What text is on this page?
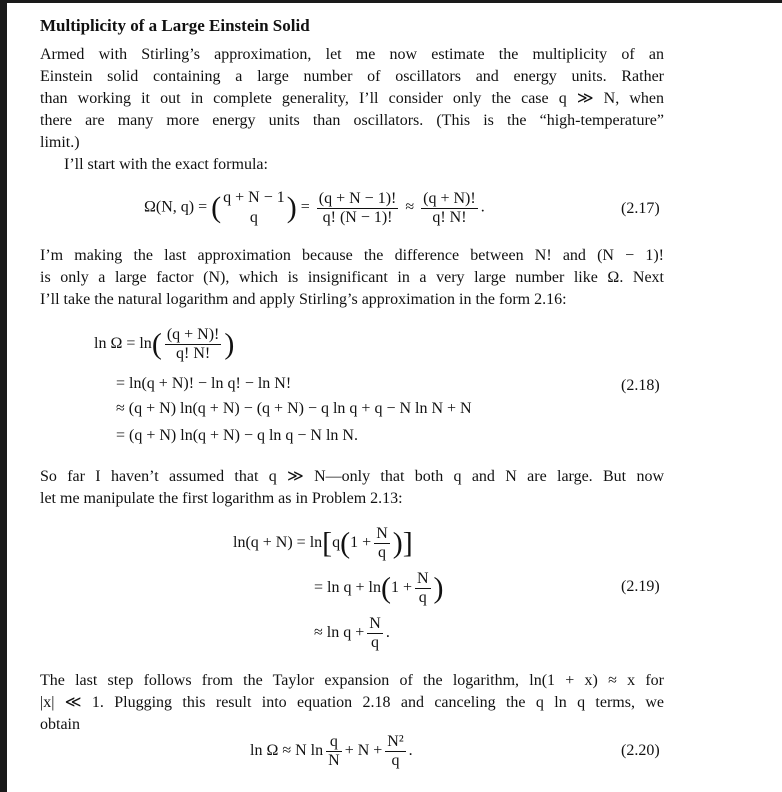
Multiplicity of a Large Einstein Solid

Armed with Stirling’s approximation, let me now estimate the multiplicity of an
Einstein solid containing a large number of oscillators and energy units. Rather
than working it out in complete generality, I’ll consider only the case q ≫ N, when
there are many more energy units than oscillators. (This is the “high-temperature”
limit.)

I’ll start with the exact formula:

Ω(N, q) = ( q + N − 1
q ) = $\frac{(q + N - 1)!}{q! (N - 1)!} \approx \frac{(q + N)!}{q! N!}$ .	(2.17)

I’m making the last approximation because the difference between N! and (N − 1)!
is only a large factor (N), which is insignificant in a very large number like Ω. Next
I’ll take the natural logarithm and apply Stirling’s approximation in the form 2.16:

$\ln \Omega = \ln( \frac{(q + N)!}{q! N!}$ )
= ln(q + N)! − ln q! − ln N!
≈ (q + N) ln(q + N) − (q + N) − q ln q + q − N ln N + N
= (q + N) ln(q + N) − q ln q − N ln N.
(2.18)

So far I haven’t assumed that q ≫ N—only that both q and N are large. But now
let me manipulate the first logarithm as in Problem 2.13:

$\ln(q + N) = \ln[q(1 + \frac{N}{q}$ )]
= $\ln q + \ln(1 + \frac{N}{q}$ )
≈ $\ln q + \frac{N}{q}$ .
(2.19)

The last step follows from the Taylor expansion of the logarithm, ln(1 + x) ≈ x for
|x| ≪ 1. Plugging this result into equation 2.18 and canceling the q ln q terms, we
obtain

ln Ω ≈ N $\ln \frac{q}{N} + N + \frac{\text{N²}}{q}$ .	(2.20)
